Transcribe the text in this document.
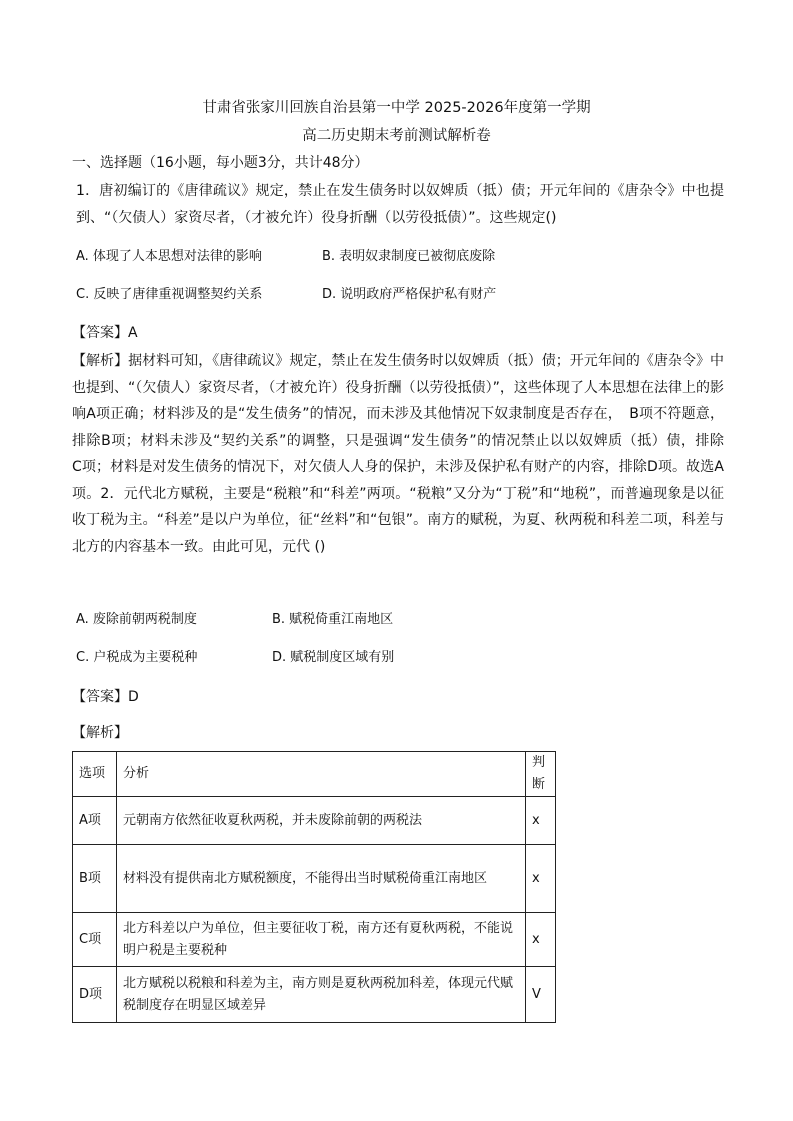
甘肃省张家川回族自治县第一中学 2025-2026年度第一学期
高二历史期末考前测试解析卷
一、选择题（16小题，每小题3分，共计48分）
1．唐初编订的《唐律疏议》规定，禁止在发生债务时以奴婢质（抵）债；开元年间的《唐杂令》中也提到、“（欠债人）家资尽者，（才被允许）役身折酬（以劳役抵债）”。这些规定()
A. 体现了人本思想对法律的影响	B. 表明奴隶制度已被彻底废除
C. 反映了唐律重视调整契约关系	D. 说明政府严格保护私有财产
【答案】A
【解析】据材料可知，《唐律疏议》规定，禁止在发生债务时以奴婢质（抵）债；开元年间的《唐杂令》中也提到、“（欠债人）家资尽者，（才被允许）役身折酬（以劳役抵债）”，这些体现了人本思想在法律上的影响A项正确；材料涉及的是“发生债务”的情况，而未涉及其他情况下奴隶制度是否存在，　B项不符题意，排除B项；材料未涉及“契约关系”的调整，只是强调“发生债务”的情况禁止以以奴婢质（抵）债，排除　　C项；材料是对发生债务的情况下，对欠债人人身的保护，未涉及保护私有财产的内容，排除D项。故选A项。2．元代北方赋税，主要是“税粮”和“科差”两项。“税粮”又分为“丁税”和“地税”，而普遍现象是以征收丁税为主。“科差”是以户为单位，征“丝料”和“包银”。南方的赋税，为夏、秋两税和科差二项，科差与北方的内容基本一致。由此可见，元代 ()
A. 废除前朝两税制度	B. 赋税倚重江南地区
C. 户税成为主要税种	D. 赋税制度区域有别
【答案】D
【解析】
选项	分析	判断
A项	元朝南方依然征收夏秋两税，并未废除前朝的两税法	x
B项	材料没有提供南北方赋税额度，不能得出当时赋税倚重江南地区	x
C项	北方科差以户为单位，但主要征收丁税，南方还有夏秋两税，不能说明户税是主要税种	x
D项	北方赋税以税粮和科差为主，南方则是夏秋两税加科差，体现元代赋税制度存在明显区域差异	V
